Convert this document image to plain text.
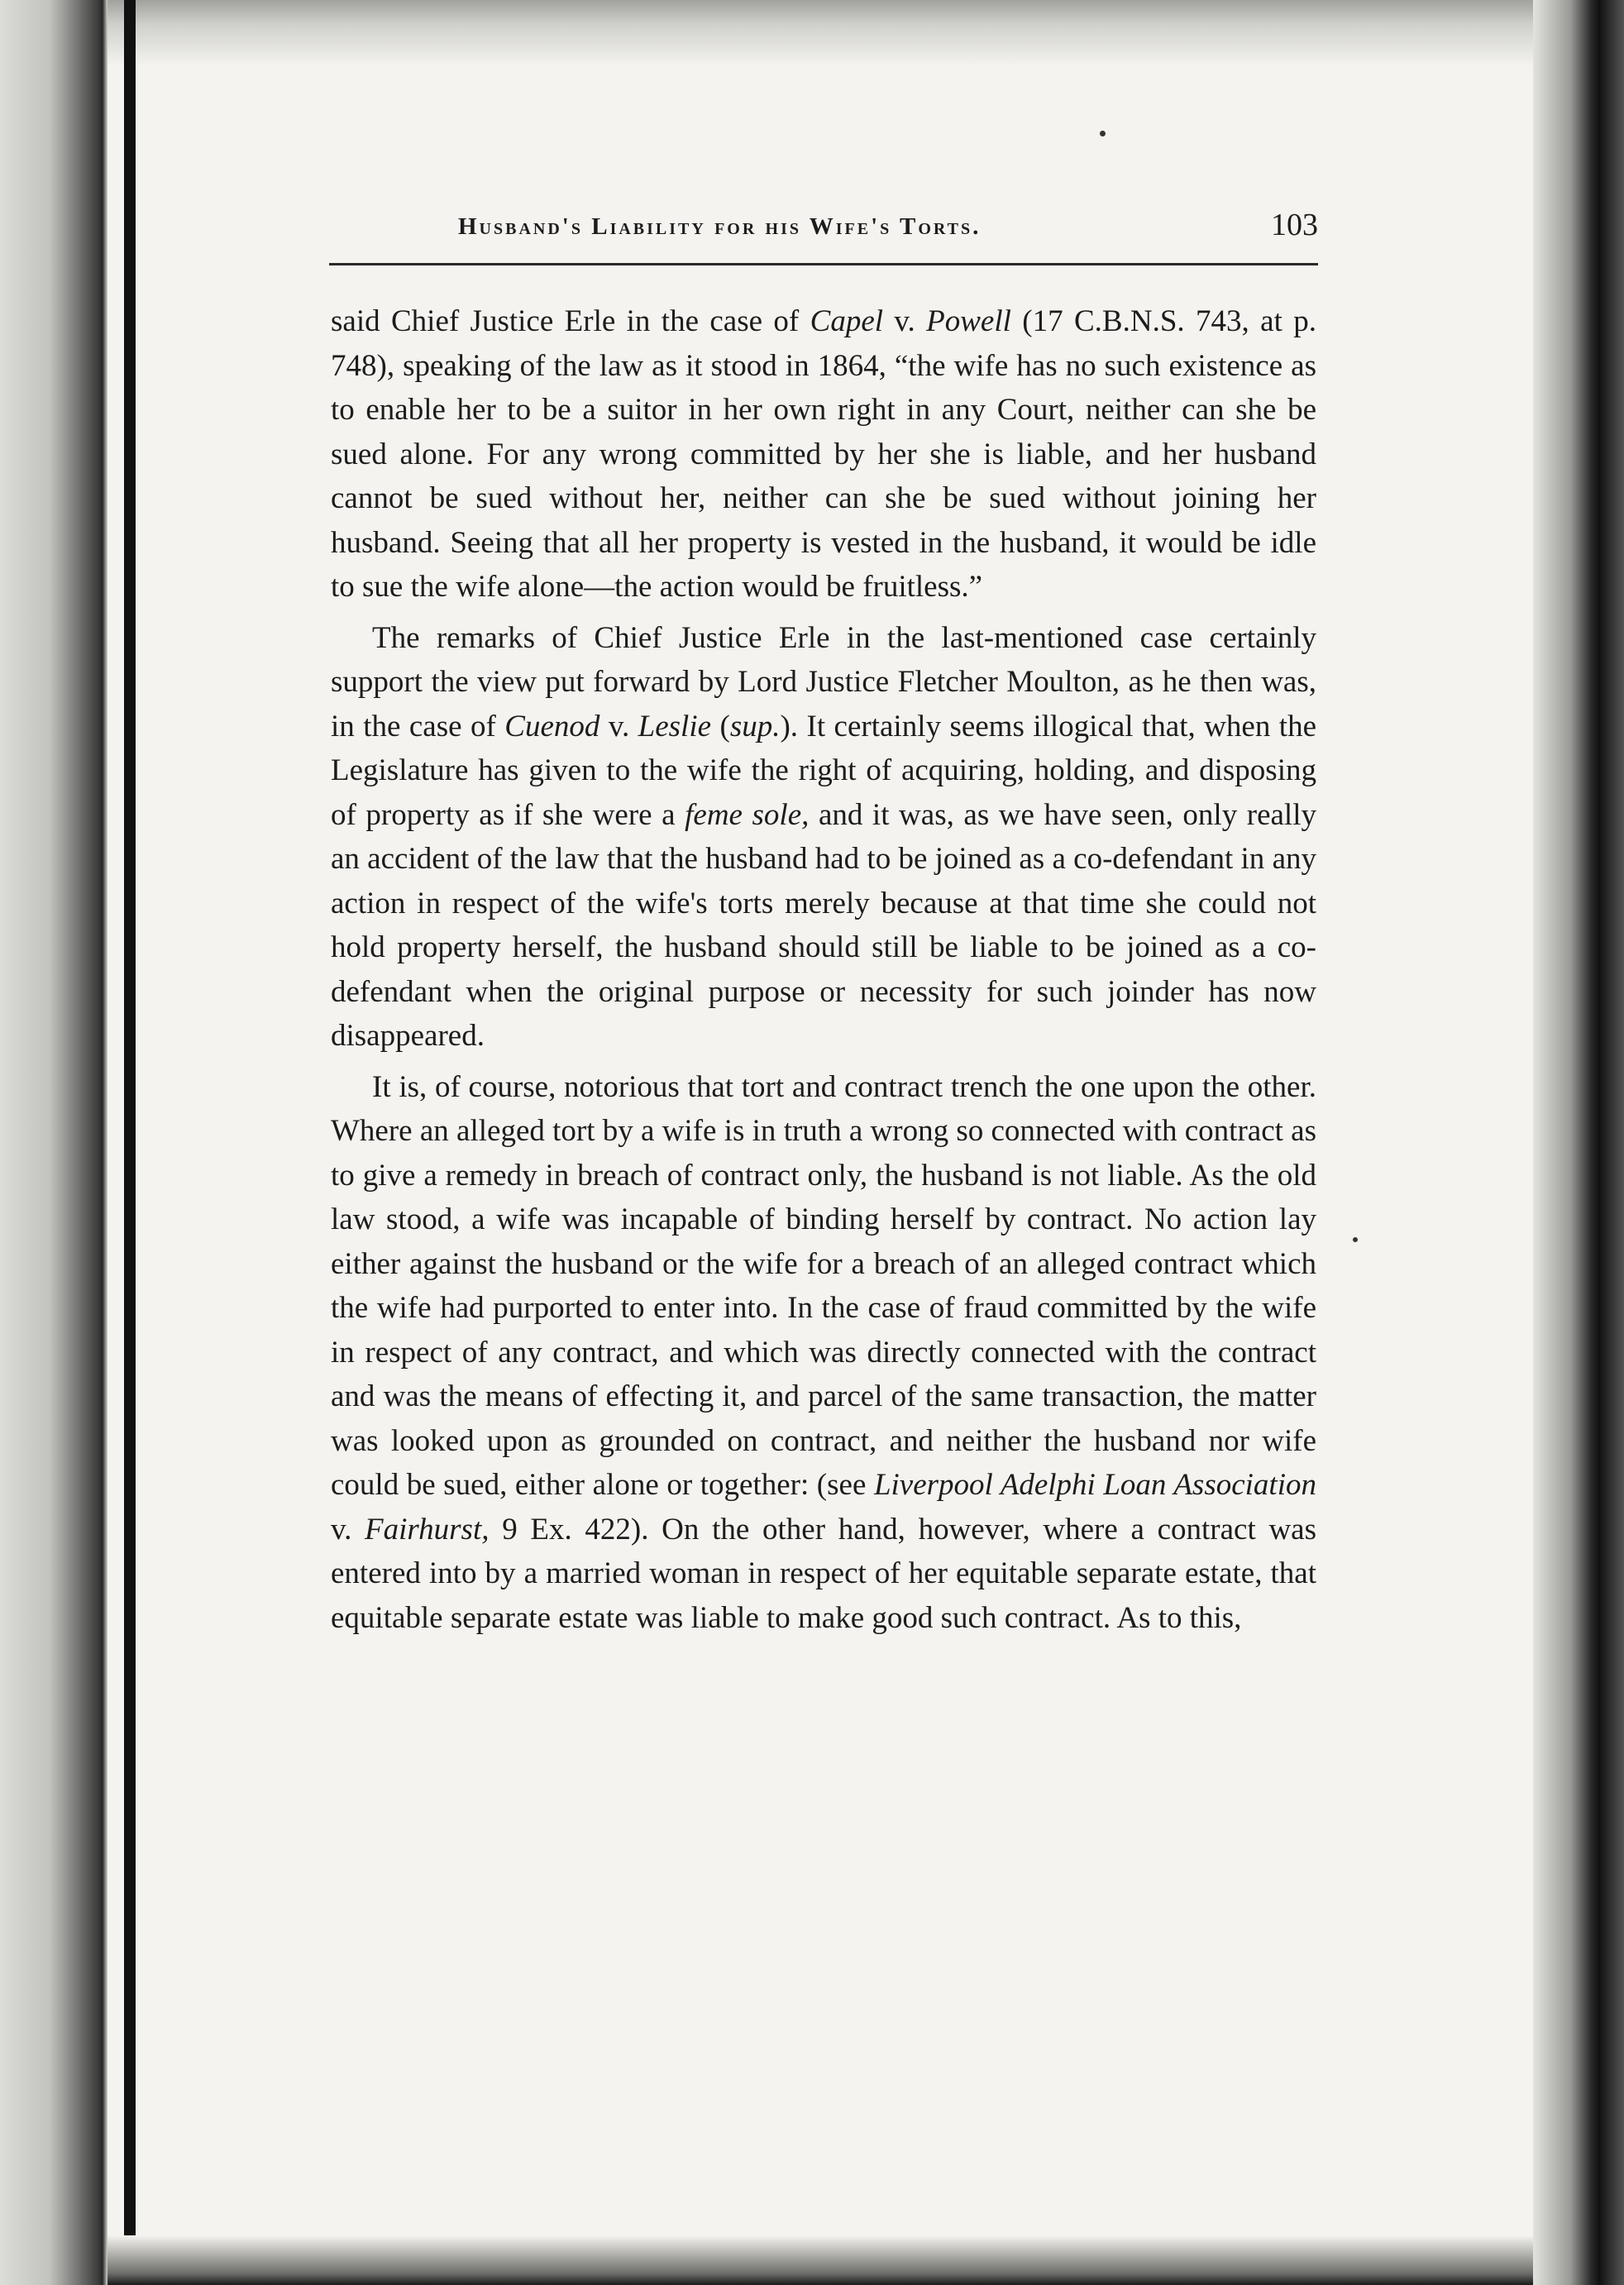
Husband's Liability for his Wife's Torts.	103

said Chief Justice Erle in the case of Capel v. Powell (17 C.B.N.S. 743, at p. 748), speaking of the law as it stood in 1864, “the wife has no such existence as to enable her to be a suitor in her own right in any Court, neither can she be sued alone. For any wrong committed by her she is liable, and her husband cannot be sued without her, neither can she be sued without joining her husband. Seeing that all her property is vested in the husband, it would be idle to sue the wife alone—the action would be fruitless.”

The remarks of Chief Justice Erle in the last-mentioned case certainly support the view put forward by Lord Justice Fletcher Moulton, as he then was, in the case of Cuenod v. Leslie (sup.). It certainly seems illogical that, when the Legislature has given to the wife the right of acquiring, holding, and disposing of property as if she were a feme sole, and it was, as we have seen, only really an accident of the law that the husband had to be joined as a co-defendant in any action in respect of the wife's torts merely because at that time she could not hold property herself, the husband should still be liable to be joined as a co-defendant when the original purpose or necessity for such joinder has now disappeared.

It is, of course, notorious that tort and contract trench the one upon the other. Where an alleged tort by a wife is in truth a wrong so connected with contract as to give a remedy in breach of contract only, the husband is not liable. As the old law stood, a wife was incapable of binding herself by contract. No action lay either against the husband or the wife for a breach of an alleged contract which the wife had purported to enter into. In the case of fraud committed by the wife in respect of any contract, and which was directly connected with the contract and was the means of effecting it, and parcel of the same transaction, the matter was looked upon as grounded on contract, and neither the husband nor wife could be sued, either alone or together: (see Liverpool Adelphi Loan Association v. Fairhurst, 9 Ex. 422). On the other hand, however, where a contract was entered into by a married woman in respect of her equitable separate estate, that equitable separate estate was liable to make good such contract. As to this,
